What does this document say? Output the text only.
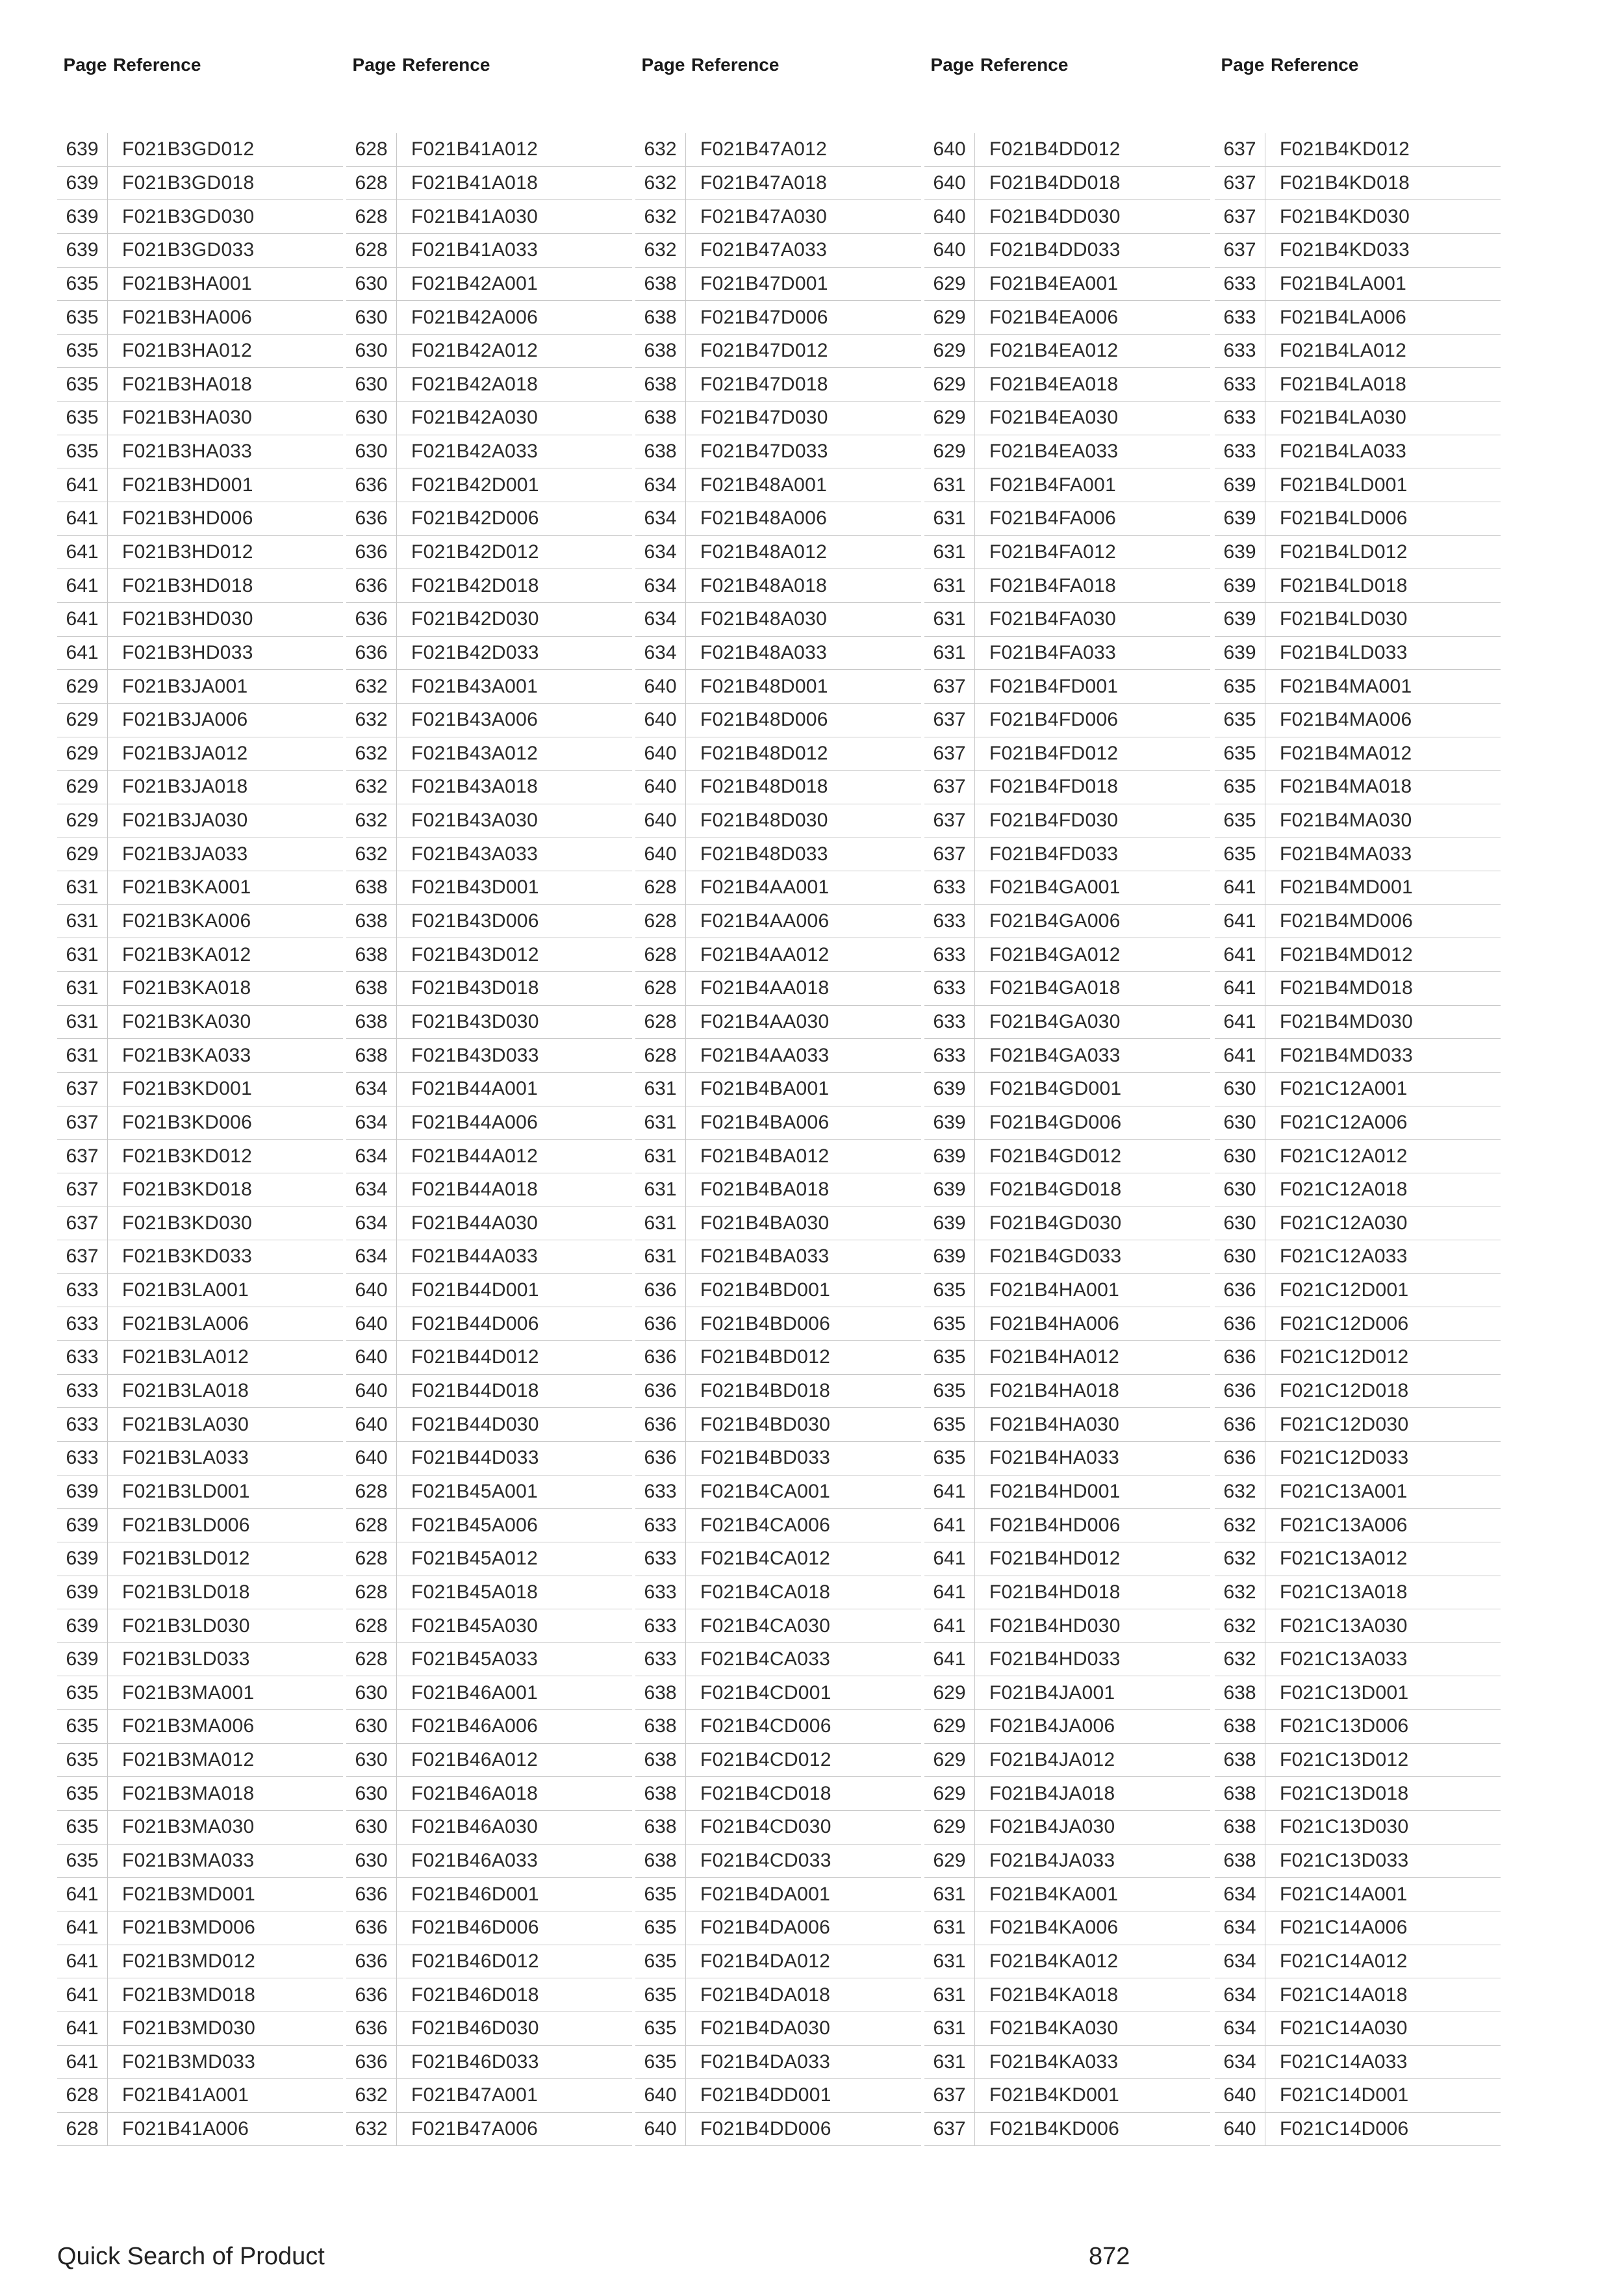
Page Reference
639	F021B3GD012
639	F021B3GD018
639	F021B3GD030
639	F021B3GD033
635	F021B3HA001
635	F021B3HA006
635	F021B3HA012
635	F021B3HA018
635	F021B3HA030
635	F021B3HA033
641	F021B3HD001
641	F021B3HD006
641	F021B3HD012
641	F021B3HD018
641	F021B3HD030
641	F021B3HD033
629	F021B3JA001
629	F021B3JA006
629	F021B3JA012
629	F021B3JA018
629	F021B3JA030
629	F021B3JA033
631	F021B3KA001
631	F021B3KA006
631	F021B3KA012
631	F021B3KA018
631	F021B3KA030
631	F021B3KA033
637	F021B3KD001
637	F021B3KD006
637	F021B3KD012
637	F021B3KD018
637	F021B3KD030
637	F021B3KD033
633	F021B3LA001
633	F021B3LA006
633	F021B3LA012
633	F021B3LA018
633	F021B3LA030
633	F021B3LA033
639	F021B3LD001
639	F021B3LD006
639	F021B3LD012
639	F021B3LD018
639	F021B3LD030
639	F021B3LD033
635	F021B3MA001
635	F021B3MA006
635	F021B3MA012
635	F021B3MA018
635	F021B3MA030
635	F021B3MA033
641	F021B3MD001
641	F021B3MD006
641	F021B3MD012
641	F021B3MD018
641	F021B3MD030
641	F021B3MD033
628	F021B41A001
628	F021B41A006
Page Reference
628	F021B41A012
628	F021B41A018
628	F021B41A030
628	F021B41A033
630	F021B42A001
630	F021B42A006
630	F021B42A012
630	F021B42A018
630	F021B42A030
630	F021B42A033
636	F021B42D001
636	F021B42D006
636	F021B42D012
636	F021B42D018
636	F021B42D030
636	F021B42D033
632	F021B43A001
632	F021B43A006
632	F021B43A012
632	F021B43A018
632	F021B43A030
632	F021B43A033
638	F021B43D001
638	F021B43D006
638	F021B43D012
638	F021B43D018
638	F021B43D030
638	F021B43D033
634	F021B44A001
634	F021B44A006
634	F021B44A012
634	F021B44A018
634	F021B44A030
634	F021B44A033
640	F021B44D001
640	F021B44D006
640	F021B44D012
640	F021B44D018
640	F021B44D030
640	F021B44D033
628	F021B45A001
628	F021B45A006
628	F021B45A012
628	F021B45A018
628	F021B45A030
628	F021B45A033
630	F021B46A001
630	F021B46A006
630	F021B46A012
630	F021B46A018
630	F021B46A030
630	F021B46A033
636	F021B46D001
636	F021B46D006
636	F021B46D012
636	F021B46D018
636	F021B46D030
636	F021B46D033
632	F021B47A001
632	F021B47A006
Page Reference
632	F021B47A012
632	F021B47A018
632	F021B47A030
632	F021B47A033
638	F021B47D001
638	F021B47D006
638	F021B47D012
638	F021B47D018
638	F021B47D030
638	F021B47D033
634	F021B48A001
634	F021B48A006
634	F021B48A012
634	F021B48A018
634	F021B48A030
634	F021B48A033
640	F021B48D001
640	F021B48D006
640	F021B48D012
640	F021B48D018
640	F021B48D030
640	F021B48D033
628	F021B4AA001
628	F021B4AA006
628	F021B4AA012
628	F021B4AA018
628	F021B4AA030
628	F021B4AA033
631	F021B4BA001
631	F021B4BA006
631	F021B4BA012
631	F021B4BA018
631	F021B4BA030
631	F021B4BA033
636	F021B4BD001
636	F021B4BD006
636	F021B4BD012
636	F021B4BD018
636	F021B4BD030
636	F021B4BD033
633	F021B4CA001
633	F021B4CA006
633	F021B4CA012
633	F021B4CA018
633	F021B4CA030
633	F021B4CA033
638	F021B4CD001
638	F021B4CD006
638	F021B4CD012
638	F021B4CD018
638	F021B4CD030
638	F021B4CD033
635	F021B4DA001
635	F021B4DA006
635	F021B4DA012
635	F021B4DA018
635	F021B4DA030
635	F021B4DA033
640	F021B4DD001
640	F021B4DD006
Page Reference
640	F021B4DD012
640	F021B4DD018
640	F021B4DD030
640	F021B4DD033
629	F021B4EA001
629	F021B4EA006
629	F021B4EA012
629	F021B4EA018
629	F021B4EA030
629	F021B4EA033
631	F021B4FA001
631	F021B4FA006
631	F021B4FA012
631	F021B4FA018
631	F021B4FA030
631	F021B4FA033
637	F021B4FD001
637	F021B4FD006
637	F021B4FD012
637	F021B4FD018
637	F021B4FD030
637	F021B4FD033
633	F021B4GA001
633	F021B4GA006
633	F021B4GA012
633	F021B4GA018
633	F021B4GA030
633	F021B4GA033
639	F021B4GD001
639	F021B4GD006
639	F021B4GD012
639	F021B4GD018
639	F021B4GD030
639	F021B4GD033
635	F021B4HA001
635	F021B4HA006
635	F021B4HA012
635	F021B4HA018
635	F021B4HA030
635	F021B4HA033
641	F021B4HD001
641	F021B4HD006
641	F021B4HD012
641	F021B4HD018
641	F021B4HD030
641	F021B4HD033
629	F021B4JA001
629	F021B4JA006
629	F021B4JA012
629	F021B4JA018
629	F021B4JA030
629	F021B4JA033
631	F021B4KA001
631	F021B4KA006
631	F021B4KA012
631	F021B4KA018
631	F021B4KA030
631	F021B4KA033
637	F021B4KD001
637	F021B4KD006
Page Reference
637	F021B4KD012
637	F021B4KD018
637	F021B4KD030
637	F021B4KD033
633	F021B4LA001
633	F021B4LA006
633	F021B4LA012
633	F021B4LA018
633	F021B4LA030
633	F021B4LA033
639	F021B4LD001
639	F021B4LD006
639	F021B4LD012
639	F021B4LD018
639	F021B4LD030
639	F021B4LD033
635	F021B4MA001
635	F021B4MA006
635	F021B4MA012
635	F021B4MA018
635	F021B4MA030
635	F021B4MA033
641	F021B4MD001
641	F021B4MD006
641	F021B4MD012
641	F021B4MD018
641	F021B4MD030
641	F021B4MD033
630	F021C12A001
630	F021C12A006
630	F021C12A012
630	F021C12A018
630	F021C12A030
630	F021C12A033
636	F021C12D001
636	F021C12D006
636	F021C12D012
636	F021C12D018
636	F021C12D030
636	F021C12D033
632	F021C13A001
632	F021C13A006
632	F021C13A012
632	F021C13A018
632	F021C13A030
632	F021C13A033
638	F021C13D001
638	F021C13D006
638	F021C13D012
638	F021C13D018
638	F021C13D030
638	F021C13D033
634	F021C14A001
634	F021C14A006
634	F021C14A012
634	F021C14A018
634	F021C14A030
634	F021C14A033
640	F021C14D001
640	F021C14D006
Quick Search of Product	872
